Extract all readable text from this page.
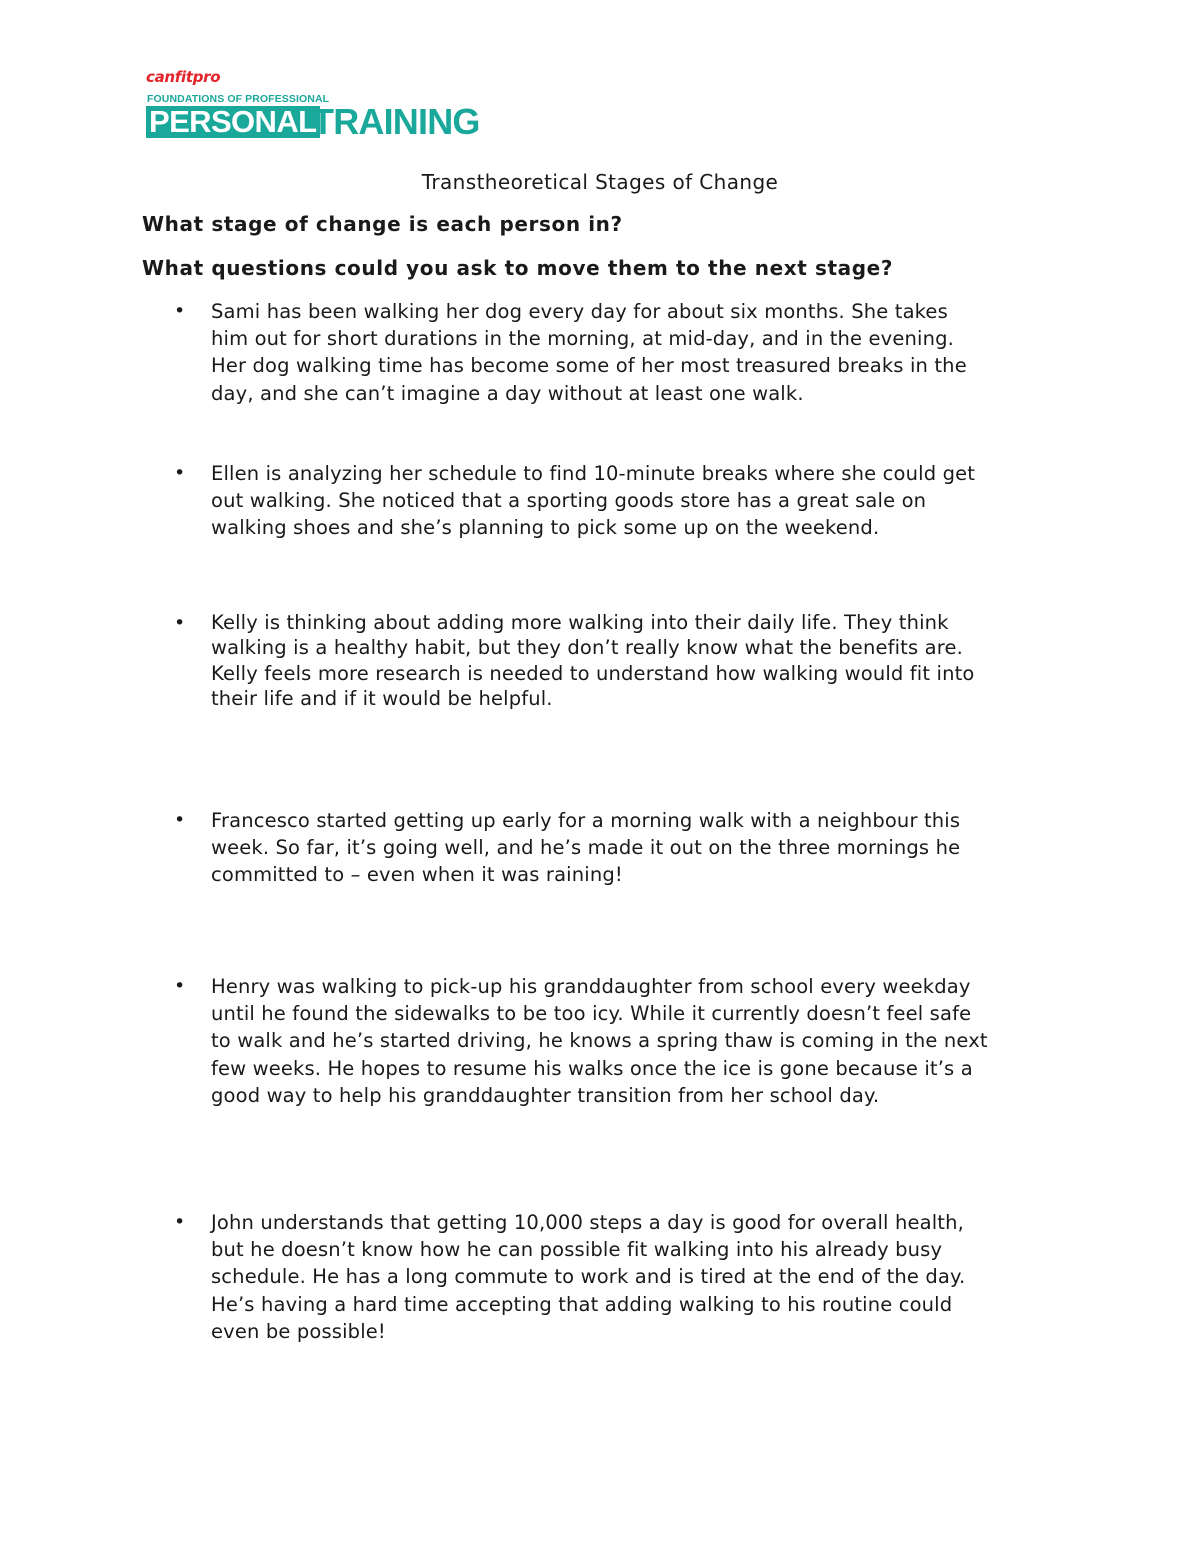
canfitpro
FOUNDATIONS OF PROFESSIONAL
PERSONAL
TRAINING
Transtheoretical Stages of Change
What stage of change is each person in?
What questions could you ask to move them to the next stage?
• Sami has been walking her dog every day for about six months. She takes
him out for short durations in the morning, at mid-day, and in the evening.
Her dog walking time has become some of her most treasured breaks in the
day, and she can’t imagine a day without at least one walk.
• Ellen is analyzing her schedule to find 10-minute breaks where she could get
out walking. She noticed that a sporting goods store has a great sale on
walking shoes and she’s planning to pick some up on the weekend.
• Kelly is thinking about adding more walking into their daily life. They think
walking is a healthy habit, but they don’t really know what the benefits are.
Kelly feels more research is needed to understand how walking would fit into
their life and if it would be helpful.
• Francesco started getting up early for a morning walk with a neighbour this
week. So far, it’s going well, and he’s made it out on the three mornings he
committed to – even when it was raining!
• Henry was walking to pick-up his granddaughter from school every weekday
until he found the sidewalks to be too icy. While it currently doesn’t feel safe
to walk and he’s started driving, he knows a spring thaw is coming in the next
few weeks. He hopes to resume his walks once the ice is gone because it’s a
good way to help his granddaughter transition from her school day.
• John understands that getting 10,000 steps a day is good for overall health,
but he doesn’t know how he can possible fit walking into his already busy
schedule. He has a long commute to work and is tired at the end of the day.
He’s having a hard time accepting that adding walking to his routine could
even be possible!
